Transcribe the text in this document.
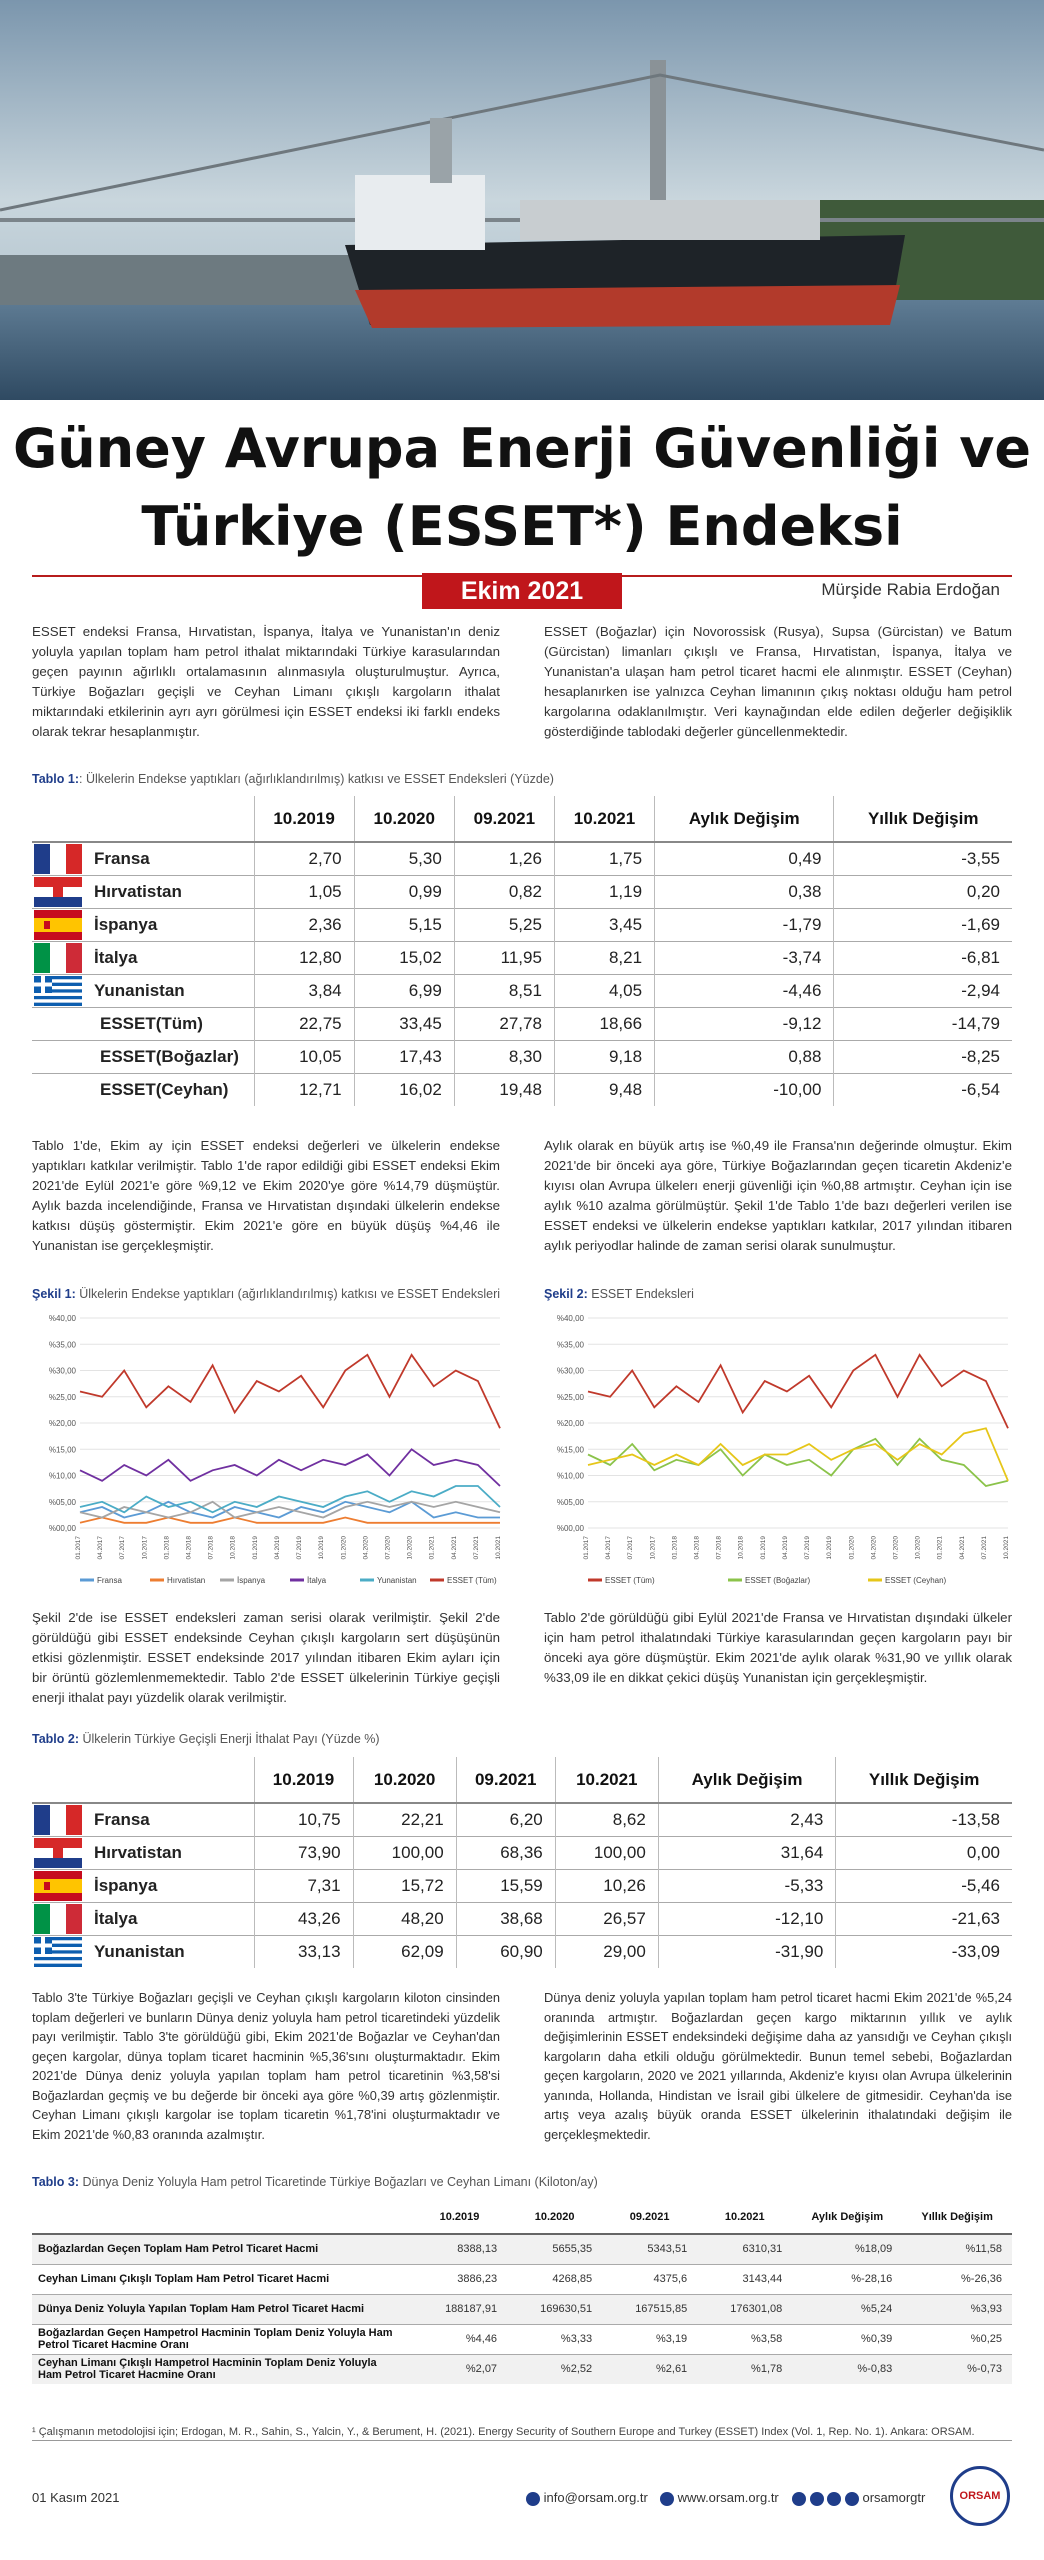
Güney Avrupa Enerji Güvenliği ve
Türkiye (ESSET*) Endeksi
Ekim 2021	Mürşide Rabia Erdoğan
ESSET endeksi Fransa, Hırvatistan, İspanya, İtalya ve Yunanistan'ın deniz yoluyla yapılan toplam ham petrol ithalat miktarındaki Türkiye karasularından geçen payının ağırlıklı ortalamasının alınmasıyla oluşturulmuştur. Ayrıca, Türkiye Boğazları geçişli ve Ceyhan Limanı çıkışlı kargoların ithalat miktarındaki etkilerinin ayrı ayrı görülmesi için ESSET endeksi iki farklı endeks olarak tekrar hesaplanmıştır.
ESSET (Boğazlar) için Novorossisk (Rusya), Supsa (Gürcistan) ve Batum (Gürcistan) limanları çıkışlı ve Fransa, Hırvatistan, İspanya, İtalya ve Yunanistan'a ulaşan ham petrol ticaret hacmi ele alınmıştır. ESSET (Ceyhan) hesaplanırken ise yalnızca Ceyhan limanının çıkış noktası olduğu ham petrol kargolarına odaklanılmıştır. Veri kaynağından elde edilen değerler değişiklik gösterdiğinde tablodaki değerler güncellenmektedir.
Tablo 1:: Ülkelerin Endekse yaptıkları (ağırlıklandırılmış) katkısı ve ESSET Endeksleri (Yüzde)
		10.2019	10.2020	09.2021	10.2021	Aylık Değişim	Yıllık Değişim

	Fransa	2,70	5,30	1,26	1,75	0,49	-3,55

	Hırvatistan	1,05	0,99	0,82	1,19	0,38	0,20

	İspanya	2,36	5,15	5,25	3,45	-1,79	-1,69

	İtalya	12,80	15,02	11,95	8,21	-3,74	-6,81

	Yunanistan	3,84	6,99	8,51	4,05	-4,46	-2,94
	ESSET(Tüm)	22,75	33,45	27,78	18,66	-9,12	-14,79
	ESSET(Boğazlar)	10,05	17,43	8,30	9,18	0,88	-8,25
	ESSET(Ceyhan)	12,71	16,02	19,48	9,48	-10,00	-6,54
Tablo 1'de, Ekim ay için ESSET endeksi değerleri ve ülkelerin endekse yaptıkları katkılar verilmiştir. Tablo 1'de rapor edildiği gibi ESSET endeksi Ekim 2021'de Eylül 2021'e göre %9,12 ve Ekim 2020'ye göre %14,79 düşmüştür. Aylık bazda incelendiğinde, Fransa ve Hırvatistan dışındaki ülkelerin endekse katkısı düşüş göstermiştir. Ekim 2021'e göre en büyük düşüş %4,46 ile Yunanistan ise gerçekleşmiştir.
Aylık olarak en büyük artış ise %0,49 ile Fransa'nın değerinde olmuştur. Ekim 2021'de bir önceki aya göre, Türkiye Boğazlarından geçen ticaretin Akdeniz'e kıyısı olan Avrupa ülkelerı enerji güvenliği için %0,88 artmıştır. Ceyhan için ise aylık %10 azalma görülmüştür. Şekil 1'de Tablo 1'de bazı değerleri verilen ise ESSET endeksi ve ülkelerin endekse yaptıkları katkılar, 2017 yılından itibaren aylık periyodlar halinde de zaman serisi olarak sunulmuştur.
Şekil 1: Ülkelerin Endekse yaptıkları (ağırlıklandırılmış) katkısı ve ESSET Endeksleri	Şekil 2: ESSET Endeksleri
%00,00
%05,00
%10,00
%15,00
%20,00
%25,00
%30,00
%35,00
%40,00
01.2017 04.2017 07.2017 10.2017 01.2018 04.2018 07.2018 10.2018 01.2019 04.2019 07.2019 10.2019 01.2020 04.2020 07.2020 10.2020 01.2021 04.2021 07.2021 10.2021
Fransa	Hırvatistan	İspanya	İtalya	Yunanistan	ESSET (Tüm)
%00,00
%05,00
%10,00
%15,00
%20,00
%25,00
%30,00
%35,00
%40,00
01.2017 04.2017 07.2017 10.2017 01.2018 04.2018 07.2018 10.2018 01.2019 04.2019 07.2019 10.2019 01.2020 04.2020 07.2020 10.2020 01.2021 04.2021 07.2021 10.2021
ESSET (Tüm)	ESSET (Boğazlar)	ESSET (Ceyhan)
Şekil 2'de ise ESSET endeksleri zaman serisi olarak verilmiştir. Şekil 2'de görüldüğü gibi ESSET endeksinde Ceyhan çıkışlı kargoların sert düşüşünün etkisi gözlenmiştir. ESSET endeksinde 2017 yılından itibaren Ekim ayları için bir örüntü gözlemlenmemektedir. Tablo 2'de ESSET ülkelerinin Türkiye geçişli enerji ithalat payı yüzdelik olarak verilmiştir.
Tablo 2'de görüldüğü gibi Eylül 2021'de Fransa ve Hırvatistan dışındaki ülkeler için ham petrol ithalatındaki Türkiye karasularından geçen kargoların payı bir önceki aya göre düşmüştür. Ekim 2021'de aylık olarak %31,90 ve yıllık olarak %33,09 ile en dikkat çekici düşüş Yunanistan için gerçekleşmiştir.
Tablo 2: Ülkelerin Türkiye Geçişli Enerji İthalat Payı (Yüzde %)
		10.2019	10.2020	09.2021	10.2021	Aylık Değişim	Yıllık Değişim

	Fransa	10,75	22,21	6,20	8,62	2,43	-13,58

	Hırvatistan	73,90	100,00	68,36	100,00	31,64	0,00

	İspanya	7,31	15,72	15,59	10,26	-5,33	-5,46

	İtalya	43,26	48,20	38,68	26,57	-12,10	-21,63

	Yunanistan	33,13	62,09	60,90	29,00	-31,90	-33,09
Tablo 3'te Türkiye Boğazları geçişli ve Ceyhan çıkışlı kargoların kiloton cinsinden toplam değerleri ve bunların Dünya deniz yoluyla ham petrol ticaretindeki yüzdelik payı verilmiştir. Tablo 3'te görüldüğü gibi, Ekim 2021'de Boğazlar ve Ceyhan'dan geçen kargolar, dünya toplam ticaret hacminin %5,36'sını oluşturmaktadır. Ekim 2021'de Dünya deniz yoluyla yapılan toplam ham petrol ticaretinin %3,58'si Boğazlardan geçmiş ve bu değerde bir önceki aya göre %0,39 artış gözlenmiştir. Ceyhan Limanı çıkışlı kargolar ise toplam ticaretin %1,78'ini oluşturmaktadır ve Ekim 2021'de %0,83 oranında azalmıştır.
Dünya deniz yoluyla yapılan toplam ham petrol ticaret hacmi Ekim 2021'de %5,24 oranında artmıştır. Boğazlardan geçen kargo miktarının yıllık ve aylık değişimlerinin ESSET endeksindeki değişime daha az yansıdığı ve Ceyhan çıkışlı kargoların daha etkili olduğu görülmektedir. Bunun temel sebebi, Boğazlardan geçen kargoların, 2020 ve 2021 yıllarında, Akdeniz'e kıyısı olan Avrupa ülkelerinin yanında, Hollanda, Hindistan ve İsrail gibi ülkelere de gitmesidir. Ceyhan'da ise artış veya azalış büyük oranda ESSET ülkelerinin ithalatındaki değişim ile gerçekleşmektedir.
Tablo 3: Dünya Deniz Yoluyla Ham petrol Ticaretinde Türkiye Boğazları ve Ceyhan Limanı (Kiloton/ay)
	10.2019	10.2020	09.2021	10.2021	Aylık Değişim	Yıllık Değişim
Boğazlardan Geçen Toplam Ham Petrol Ticaret Hacmi	8388,13	5655,35	5343,51	6310,31	%18,09	%11,58
Ceyhan Limanı Çıkışlı Toplam Ham Petrol Ticaret Hacmi	3886,23	4268,85	4375,6	3143,44	%-28,16	%-26,36
Dünya Deniz Yoluyla Yapılan Toplam Ham Petrol Ticaret Hacmi	188187,91	169630,51	167515,85	176301,08	%5,24	%3,93
Boğazlardan Geçen Hampetrol Hacminin Toplam Deniz Yoluyla Ham Petrol Ticaret Hacmine Oranı	%4,46	%3,33	%3,19	%3,58	%0,39	%0,25
Ceyhan Limanı Çıkışlı Hampetrol Hacminin Toplam Deniz Yoluyla Ham Petrol Ticaret Hacmine Oranı	%2,07	%2,52	%2,61	%1,78	%-0,83	%-0,73
¹ Çalışmanın metodolojisi için; Erdogan, M. R., Sahin, S., Yalcin, Y., & Berument, H. (2021). Energy Security of Southern Europe and Turkey (ESSET) Index (Vol. 1, Rep. No. 1). Ankara: ORSAM.
01 Kasım 2021	info@orsam.org.tr	www.orsam.org.tr	orsamorgtr	ORSAM
